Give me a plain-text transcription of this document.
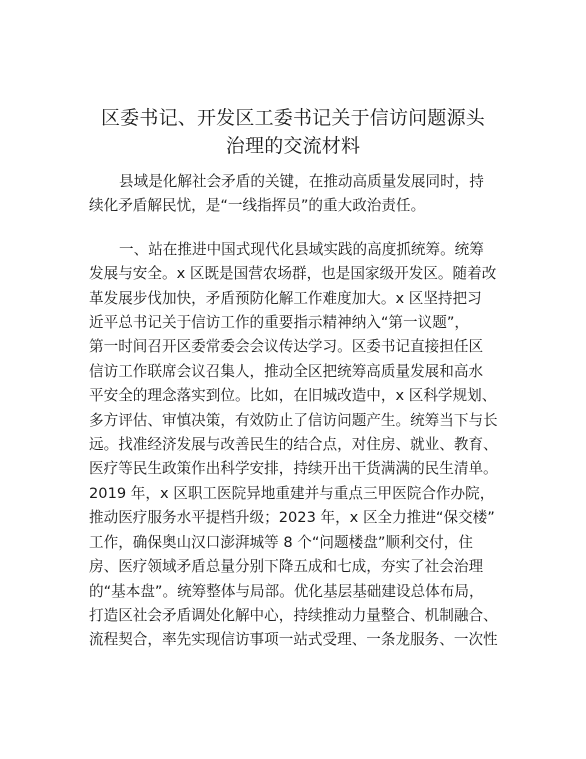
区委书记、开发区工委书记关于信访问题源头
治理的交流材料
县域是化解社会矛盾的关键，在推动高质量发展同时，持
续化矛盾解民忧，是“一线指挥员”的重大政治责任。
一、站在推进中国式现代化县域实践的高度抓统筹。统筹
发展与安全。x 区既是国营农场群，也是国家级开发区。随着改
革发展步伐加快，矛盾预防化解工作难度加大。x 区坚持把习
近平总书记关于信访工作的重要指示精神纳入“第一议题”，
第一时间召开区委常委会会议传达学习。区委书记直接担任区
信访工作联席会议召集人，推动全区把统筹高质量发展和高水
平安全的理念落实到位。比如，在旧城改造中，x 区科学规划、
多方评估、审慎决策，有效防止了信访问题产生。统筹当下与长
远。找准经济发展与改善民生的结合点，对住房、就业、教育、
医疗等民生政策作出科学安排，持续开出干货满满的民生清单。
2019 年，x 区职工医院异地重建并与重点三甲医院合作办院，
推动医疗服务水平提档升级；2023 年，x 区全力推进“保交楼”
工作，确保奥山汉口澎湃城等 8 个“问题楼盘”顺利交付，住
房、医疗领域矛盾总量分别下降五成和七成，夯实了社会治理
的“基本盘”。统筹整体与局部。优化基层基础建设总体布局，
打造区社会矛盾调处化解中心，持续推动力量整合、机制融合、
流程契合，率先实现信访事项一站式受理、一条龙服务、一次性
